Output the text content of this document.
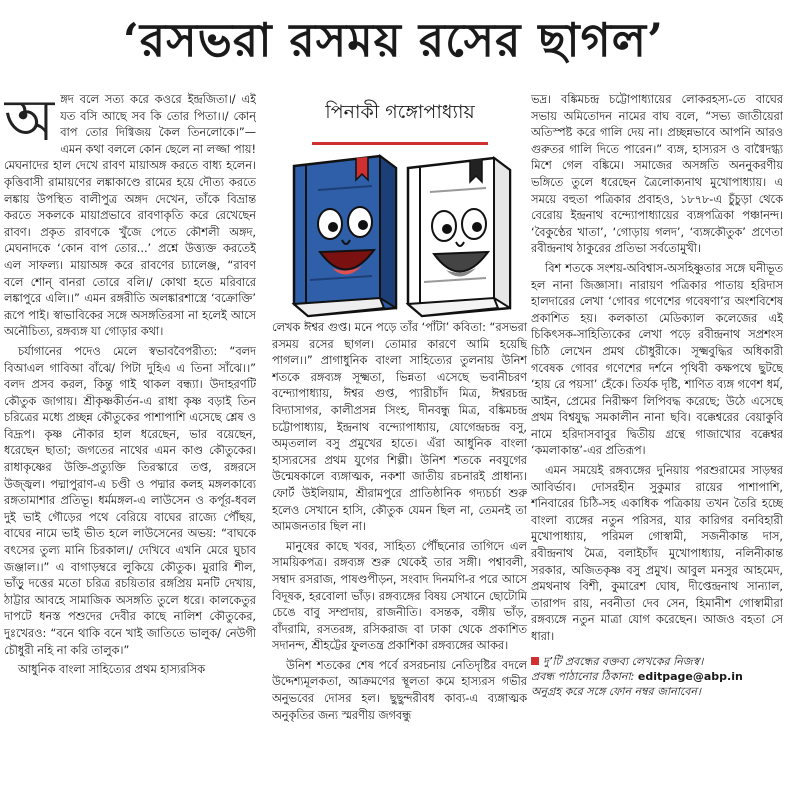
‘রসভরা রসময় রসের ছাগল’

অঙ্গদ বলে সত্য করে কওরে ইন্দ্রজিতা।/ এই যত বসি আছে সব কি তোর পিতা।।/ কোন্ বাপ তোর দিগ্বিজয় কৈল তিনলোকে।”— এমন কথা বললে কোন ছেলে না লজ্জা পায়! মেঘনাদের হাল দেখে রাবণ মায়াঅঙ্গ করতে বাধ্য হলেন। কৃত্তিবাসী রামায়ণের লঙ্কাকাণ্ডে রামের হয়ে দৌত্য করতে লঙ্কায় উপস্থিত বালীপুত্র অঙ্গদ দেখেন, তাঁকে বিভ্রান্ত করতে সকলকে মায়াপ্রভাবে রাবণাকৃতি করে রেখেছেন রাবণ। প্রকৃত রাবণকে খুঁজে পেতে কৌশলী অঙ্গদ, মেঘনাদকে ‘কোন বাপ তোর...’ প্রশ্নে উত্ত্যক্ত করতেই এল সাফল্য। মায়াঅঙ্গ করে রাবণের চ্যালেঞ্জ, “রাবণ বলে শোন্ বানরা তোরে বলি।/ কোথা হতে মরিবারে লঙ্কাপুরে এলি।।” এমন রঙ্গরীতি অলঙ্কারশাস্ত্রে ‘বক্রোক্তি’ রূপে পাই। স্বাভাবিকের সঙ্গে অসঙ্গতিরসা না হলেই আসে অনৌচিত্য, রঙ্গব্যঙ্গ যা গোড়ার কথা।

চর্যাগানের পদেও মেলে স্বভাববৈপরীত্য: “বলদ বিআএল গাবিআ বাঁঝে/ পিটা দুহিএ এ তিনা সাঁঝে।।” বলদ প্রসব করল, কিন্তু গাই থাকল বন্ধ্যা। উদাহরণটি কৌতুক জাগায়। শ্রীকৃষ্ণকীর্তন-এ রাধা কৃষ্ণ বড়াই তিন চরিত্রের মধ্যে প্রচ্ছন্ন কৌতুকের পাশাপাশি এসেছে শ্লেষ ও বিদ্রূপ। কৃষ্ণ নৌকার হাল ধরেছেন, ভার বয়েছেন, ধরেছেন ছাতা; জগতের নাথের এমন কাণ্ড কৌতুকের। রাধাকৃষ্ণের উক্তি-প্রত্যুক্তি তিরস্কারে তপ্ত, রঙ্গরসে উজ্জ্বল। পদ্মাপুরাণ-এ চণ্ডী ও পদ্মার কলহ মঙ্গলকাব্যে রঙ্গতামাশার প্রতিভূ। ধর্মমঙ্গল-এ লাউসেন ও কর্পূর-ধবল দুই ভাই গৌড়ের পথে বেরিয়ে বাঘের রাজ্যে পৌঁছয়, বাঘের নামে ভাই ভীত হলে লাউসেনের অভয়: “বাঘকে বৎসের তুল্য মানি চিরকাল।/ দেখিবে এখনি মেরে ঘুচাব জঞ্জাল।।” এ বাগাড়ম্বরে লুকিয়ে কৌতুক। মুরারি শীল, ভাঁড়ু দত্তের মতো চরিত্র রচয়িতার রঙ্গপ্রিয় মনটি দেখায়, ঠাট্টার আবহে সামাজিক অসঙ্গতি তুলে ধরে। কালকেতুর দাপটে ধনস্ত পশুদের দেবীর কাছে নালিশ কৌতুকের, দুঃখেরও: “বনে থাকি বনে খাই জাতিতে ভালুক/ নেউগী চৌধুরী নহি না করি তালুক।”

আধুনিক বাংলা সাহিত্যের প্রথম হাস্যরসিক

পিনাকী গঙ্গোপাধ্যায়

লেখক ঈশ্বর গুপ্ত। মনে পড়ে তাঁর ‘পাঁটা’ কবিতা: “রসভরা রসময় রসের ছাগল। তোমার কারণে আমি হয়েছি পাগল।।” প্রাগাধুনিক বাংলা সাহিত্যের তুলনায় উনিশ শতকে রঙ্গব্যঙ্গ সূক্ষ্মতা, ভিন্নতা এসেছে ভবানীচরণ বন্দ্যোপাধ্যায়, ঈশ্বর গুপ্ত, প্যারীচাঁদ মিত্র, ঈশ্বরচন্দ্র বিদ্যাসাগর, কালীপ্রসন্ন সিংহ, দীনবন্ধু মিত্র, বঙ্কিমচন্দ্র চট্টোপাধ্যায়, ইন্দ্রনাথ বন্দ্যোপাধ্যায়, যোগেন্দ্রচন্দ্র বসু, অমৃতলাল বসু প্রমুখের হাতে। এঁরা আধুনিক বাংলা হাস্যরসের প্রথম যুগের শিল্পী। উনিশ শতকে নবযুগের উন্মেষকালে ব্যঙ্গাত্মক, নকশা জাতীয় রচনারই প্রাধান্য। ফোর্ট উইলিয়াম, শ্রীরামপুরে প্রাতিষ্ঠানিক গদ্যচর্চা শুরু হলেও সেখানে হাসি, কৌতুক যেমন ছিল না, তেমনই তা আমজনতার ছিল না।

মানুষের কাছে খবর, সাহিত্য পৌঁছনোর তাগিদে এল সাময়িকপত্র। রঙ্গব্যঙ্গ শুরু থেকেই তার সঙ্গী। পশ্বাবলী, সম্বাদ রসরাজ, পাষণ্ডপীড়ন, সংবাদ দিনমণি-র পরে আসে বিদূষক, হরবোলা ভাঁড়। রঙ্গব্যঙ্গের বিষয় সেখানে ছোটোমি চেঙে বাবু সম্প্রদায়, রাজনীতি। বসন্তক, বঙ্গীয় ভাঁড়, বাঁদরামি, রসতরঙ্গ, রসিকরাজ বা ঢাকা থেকে প্রকাশিত সদানন্দ, শ্রীহট্টের ফুলতন্ত্র প্রকাশিকা রঙ্গব্যঙ্গের আকর।

উনিশ শতকের শেষ পর্বে রসরচনায় নেতিদৃষ্টির বদলে উদ্দেশ্যমূলকতা, আক্রমণের স্থূলতা কমে হাস্যরস গভীর অনুভবের দোসর হল। ছুছুন্দরীবধ কাব্য-এ ব্যঙ্গাত্মক অনুকৃতির জন্য স্মরণীয় জগবন্ধু

ভদ্র। বঙ্কিমচন্দ্র চট্টোপাধ্যায়ের লোকরহস্য-তে বাঘের সভায় অমিতোদন নামের বাঘ বলে, “সভ্য জাতীয়েরা অতিস্পষ্ট করে গালি দেয় না। প্রচ্ছন্নভাবে আপনি আরও গুরুতর গালি দিতে পারেন।” ব্যঙ্গ, হাস্যরস ও বাগ্বৈদগ্ধ্য মিশে গেল বঙ্কিমে। সমাজের অসঙ্গতি অননুকরণীয় ভঙ্গিতে তুলে ধরেছেন ত্রৈলোক্যনাথ মুখোপাধ্যায়। এ সময়ে বহুতা পত্রিকার প্রবাহও, ১৮৭৮-এ চুঁচুড়া থেকে বেরোয় ইন্দ্রনাথ বন্দ্যোপাধ্যায়ের ব্যঙ্গপত্রিকা পঞ্চানন্দ। ‘বৈকুণ্ঠের খাতা’, ‘গোড়ায় গলদ’, ‘ব্যঙ্গকৌতুক’ প্রণেতা রবীন্দ্রনাথ ঠাকুরের প্রতিভা সর্বতোমুখী।

বিশ শতকে সংশয়-অবিশ্বাস-অসহিষ্ণুতার সঙ্গে ঘনীভূত হল নানা জিজ্ঞাসা। নারায়ণ পত্রিকার পাতায় হরিদাস হালদারের লেখা ‘গোবর গণেশের গবেষণা’র অংশবিশেষ প্রকাশিত হয়। কলকাতা মেডিক্যাল কলেজের এই চিকিৎসক-সাহিত্যিকের লেখা পড়ে রবীন্দ্রনাথ সপ্রশংস চিঠি লেখেন প্রমথ চৌধুরীকে। সূক্ষ্মবুদ্ধির অধিকারী গবেষক গোবর গণেশের দর্শনে পৃথিবী কক্ষপথে ছুটছে ‘হায় রে পয়সা’ হেঁকে। তির্যক দৃষ্টি, শাণিত ব্যঙ্গ গণেশ ধর্ম, আইন, প্রেমের নিরীক্ষণ লিপিবদ্ধ করেছে; উঠে এসেছে প্রথম বিশ্বযুদ্ধ সমকালীন নানা ছবি। বক্কেশ্বরের বেয়াকুবি নামে হরিদাসবাবুর দ্বিতীয় গ্রন্থে গাজাখোর বক্কেশ্বর ‘কমলাকান্ত’-এর প্রতিরূপ।

এমন সময়েই রঙ্গব্যঙ্গের দুনিয়ায় পরশুরামের সাড়ম্বর আবির্ভাব। দোসরহীন সুকুমার রায়ের পাশাপাশি, শনিবারের চিঠি-সহ একাধিক পত্রিকায় তখন তৈরি হচ্ছে বাংলা ব্যঙ্গের নতুন পরিসর, যার কারিগর বনবিহারী মুখোপাধ্যায়, পরিমল গোস্বামী, সজনীকান্ত দাস, রবীন্দ্রনাথ মৈত্র, বলাইচাঁদ মুখোপাধ্যায়, নলিনীকান্ত সরকার, অজিতকৃষ্ণ বসু প্রমুখ। আবুল মনসুর আহমেদ, প্রমথনাথ বিশী, কুমারেশ ঘোষ, দীপ্তেন্দ্রনাথ সান্যাল, তারাপদ রায়, নবনীতা দেব সেন, হিমানীশ গোস্বামীরা রঙ্গব্যঙ্গে নতুন মাত্রা যোগ করেছেন। আজও বহতা সে ধারা।

দু’টি প্রবন্ধের বক্তব্য লেখকের নিজস্ব।
প্রবন্ধ পাঠানোর ঠিকানা: editpage@abp.in
অনুগ্রহ করে সঙ্গে ফোন নম্বর জানাবেন।
